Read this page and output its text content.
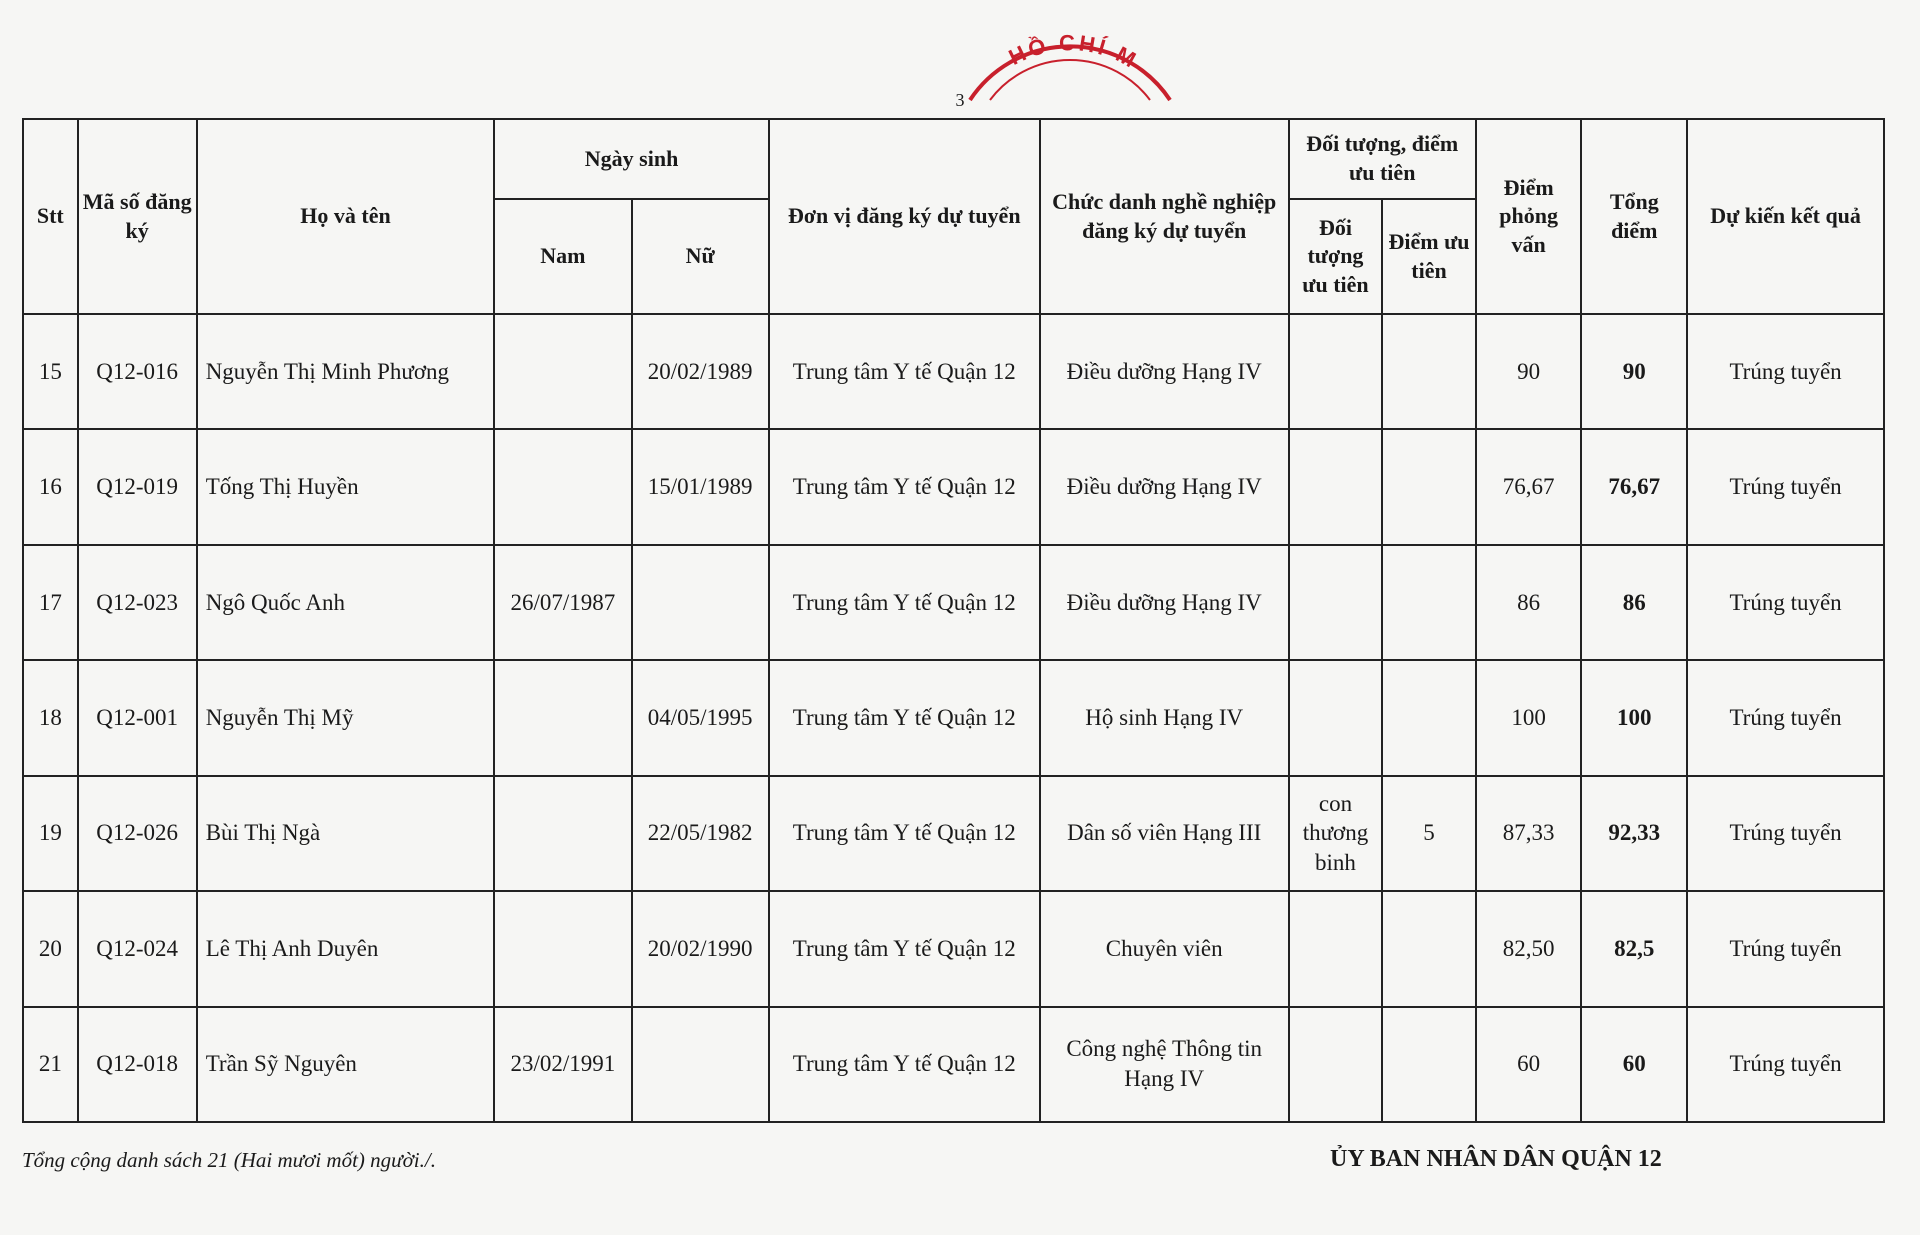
HỒ CHÍ M
3
Stt	Mã số đăng ký	Họ và tên	Ngày sinh		Đơn vị đăng ký dự tuyển	Chức danh nghề nghiệp đăng ký dự tuyển	Đối tượng, điểm ưu tiên		Điểm phỏng vấn	Tổng điểm	Dự kiến kết quả
			Nam	Nữ			Đối tượng ưu tiên	Điểm ưu tiên			
15	Q12-016	Nguyễn Thị Minh Phương		20/02/1989	Trung tâm Y tế Quận 12	Điều dưỡng Hạng IV			90	90	Trúng tuyển
16	Q12-019	Tống Thị Huyền		15/01/1989	Trung tâm Y tế Quận 12	Điều dưỡng Hạng IV			76,67	76,67	Trúng tuyển
17	Q12-023	Ngô Quốc Anh	26/07/1987		Trung tâm Y tế Quận 12	Điều dưỡng Hạng IV			86	86	Trúng tuyển
18	Q12-001	Nguyễn Thị Mỹ		04/05/1995	Trung tâm Y tế Quận 12	Hộ sinh Hạng IV			100	100	Trúng tuyển
19	Q12-026	Bùi Thị Ngà		22/05/1982	Trung tâm Y tế Quận 12	Dân số viên Hạng III	con thương binh	5	87,33	92,33	Trúng tuyển
20	Q12-024	Lê Thị Anh Duyên		20/02/1990	Trung tâm Y tế Quận 12	Chuyên viên			82,50	82,5	Trúng tuyển
21	Q12-018	Trần Sỹ Nguyên	23/02/1991		Trung tâm Y tế Quận 12	Công nghệ Thông tin Hạng IV			60	60	Trúng tuyển
Tổng cộng danh sách 21 (Hai mươi mốt) người./.	ỦY BAN NHÂN DÂN QUẬN 12
